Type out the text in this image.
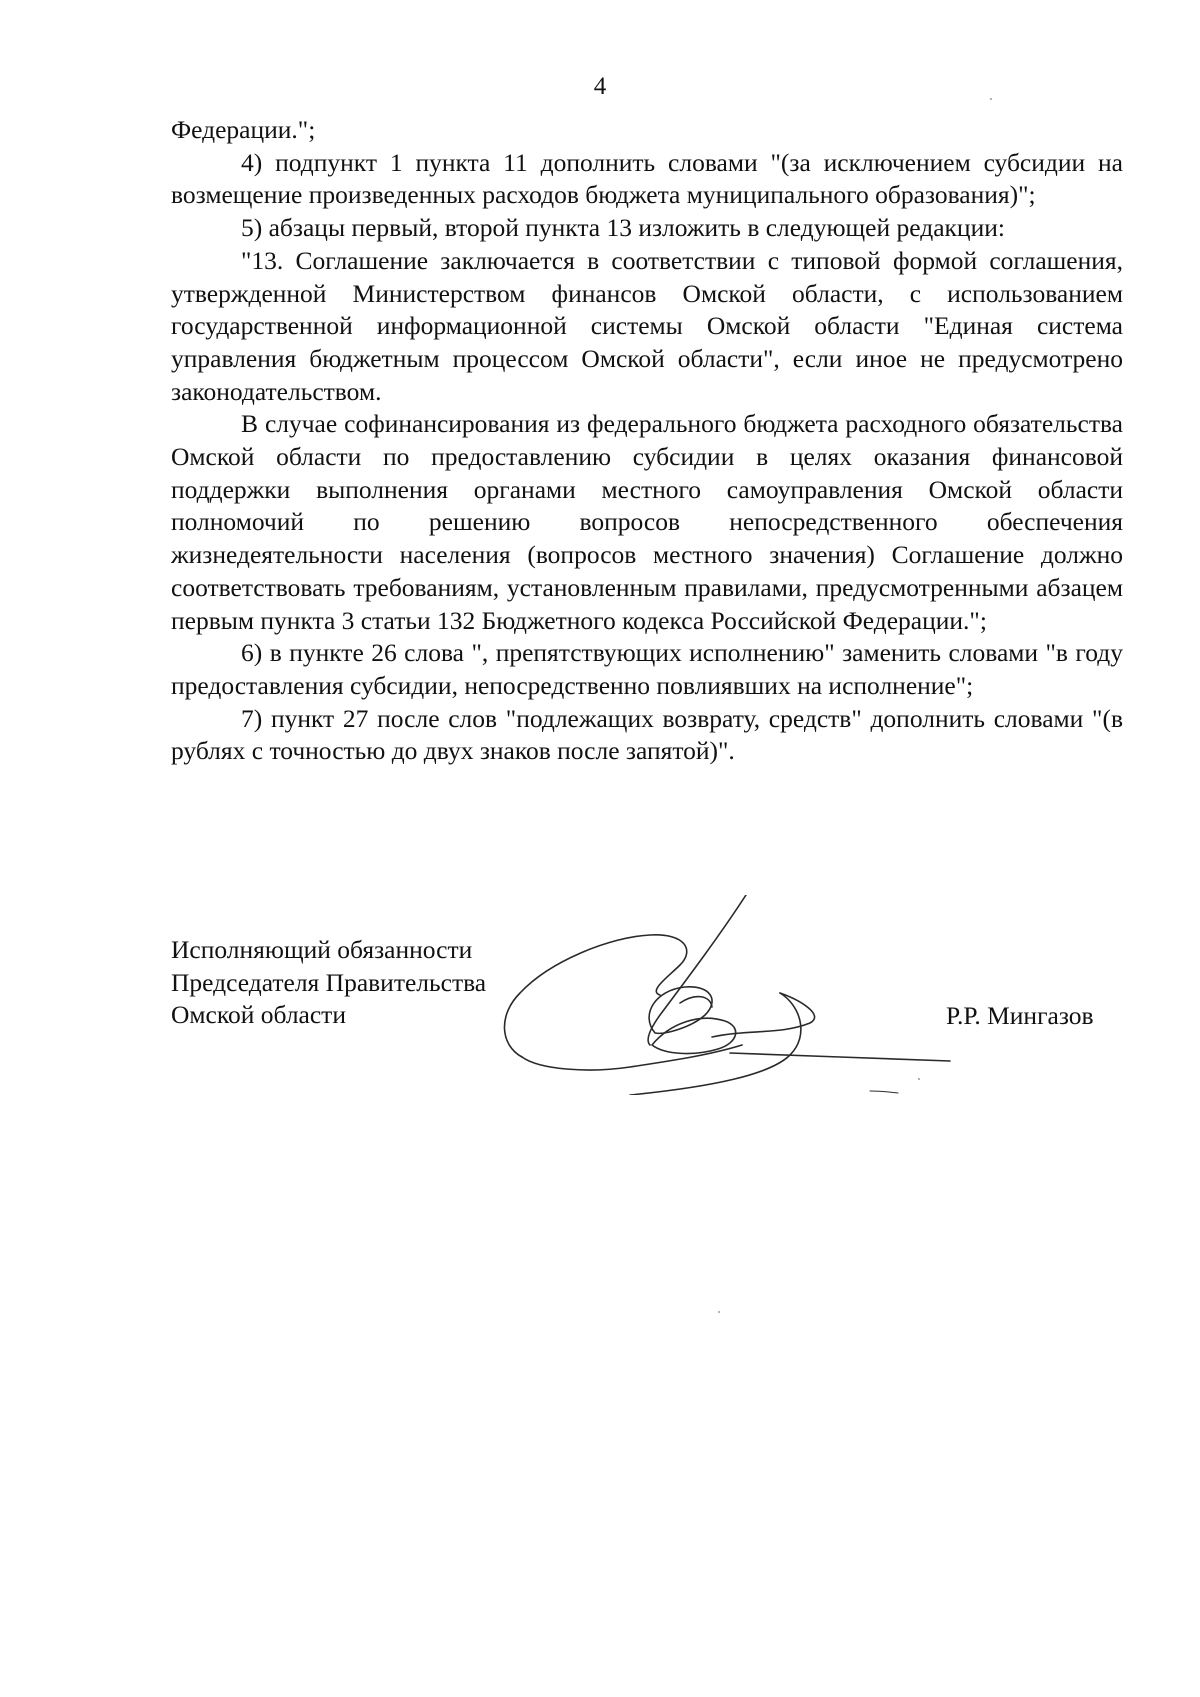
4

Федерации.";

4) подпункт 1 пункта 11 дополнить словами "(за исключением субсидии на возмещение произведенных расходов бюджета муниципального образования)";

5) абзацы первый, второй пункта 13 изложить в следующей редакции:

"13. Соглашение заключается в соответствии с типовой формой соглашения, утвержденной Министерством финансов Омской области, с использованием государственной информационной системы Омской области "Единая система управления бюджетным процессом Омской области", если иное не предусмотрено законодательством.

В случае софинансирования из федерального бюджета расходного обязательства Омской области по предоставлению субсидии в целях оказания финансовой поддержки выполнения органами местного самоуправления Омской области полномочий по решению вопросов непосредственного обеспечения жизнедеятельности населения (вопросов местного значения) Соглашение должно соответствовать требованиям, установленным правилами, предусмотренными абзацем первым пункта 3 статьи 132 Бюджетного кодекса Российской Федерации.";

6) в пункте 26 слова ", препятствующих исполнению" заменить словами "в году предоставления субсидии, непосредственно повлиявших на исполнение";

7) пункт 27 после слов "подлежащих возврату, средств" дополнить словами "(в рублях с точностью до двух знаков после запятой)".

Исполняющий обязанности
Председателя Правительства
Омской области	Р.Р. Мингазов
